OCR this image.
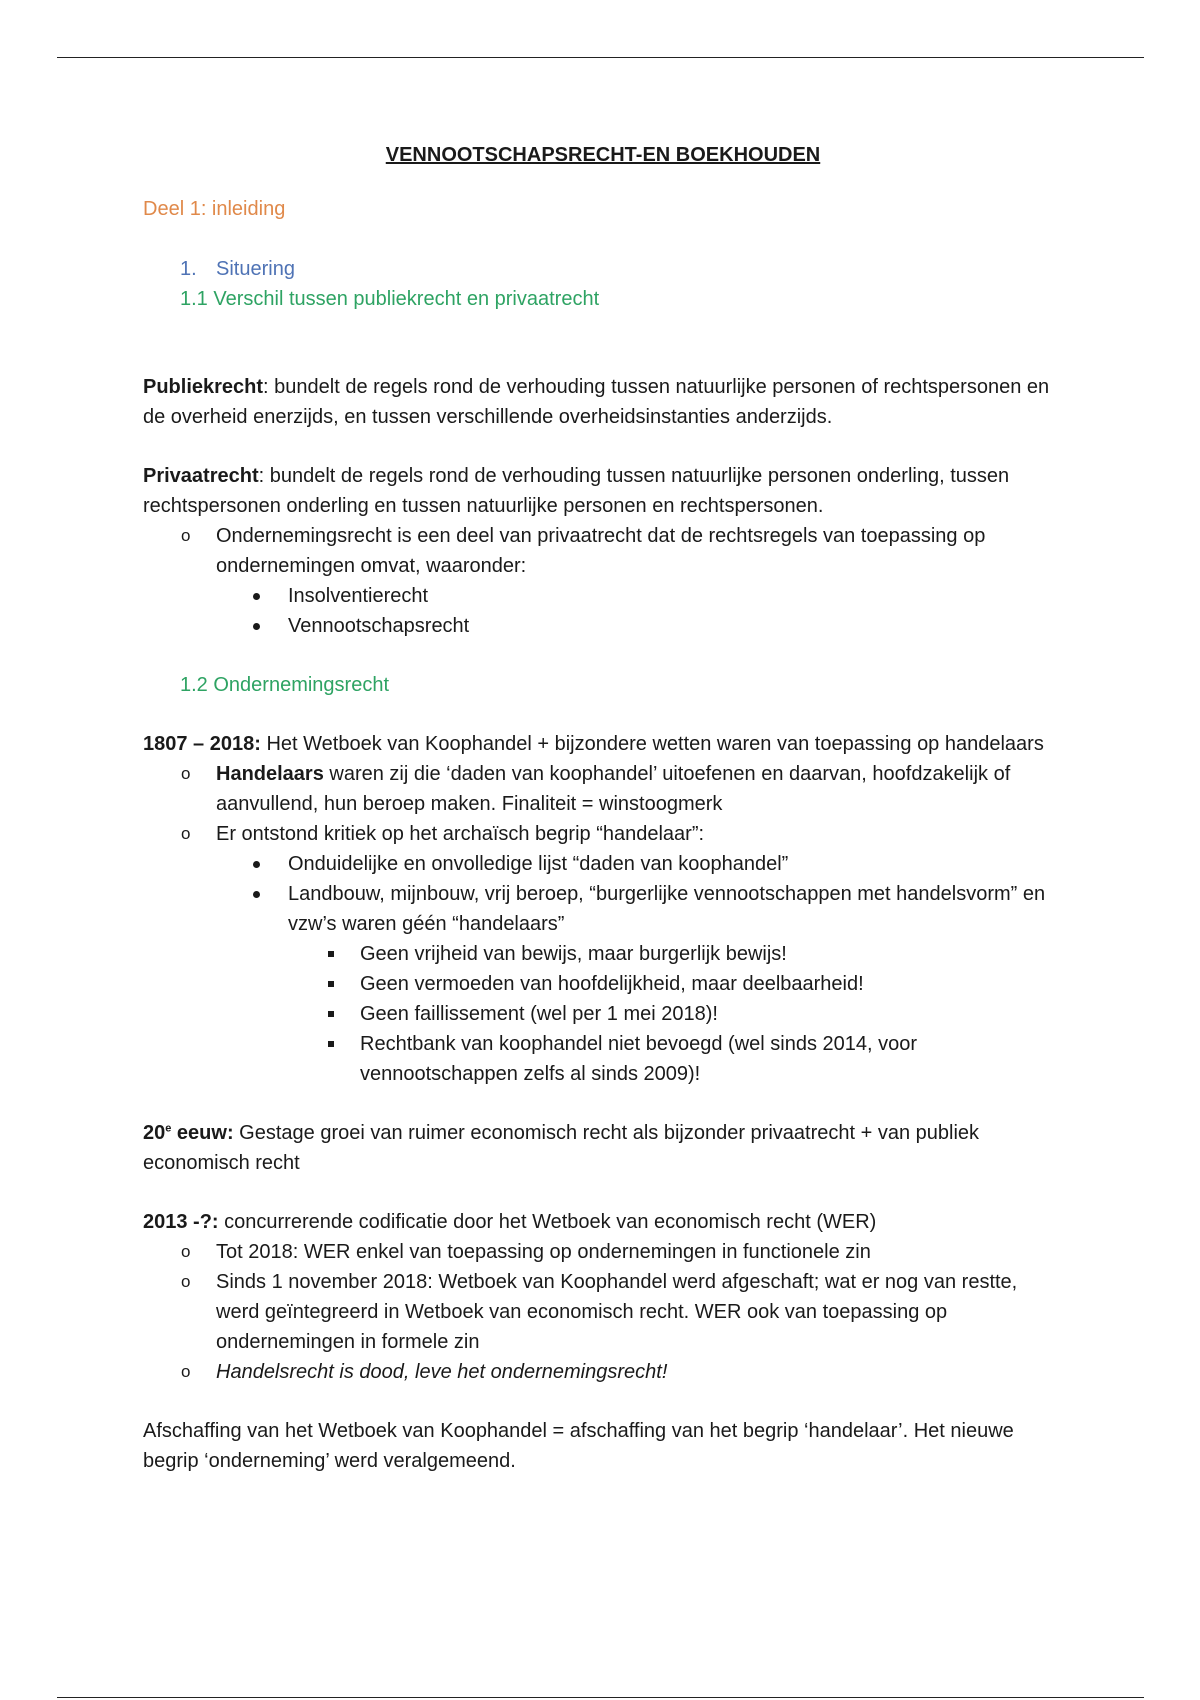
VENNOOTSCHAPSRECHT-EN BOEKHOUDEN

Deel 1: inleiding

1. Situering

1.1 Verschil tussen publiekrecht en privaatrecht

Publiekrecht: bundelt de regels rond de verhouding tussen natuurlijke personen of rechtspersonen en de overheid enerzijds, en tussen verschillende overheidsinstanties anderzijds.

Privaatrecht: bundelt de regels rond de verhouding tussen natuurlijke personen onderling, tussen rechtspersonen onderling en tussen natuurlijke personen en rechtspersonen.

o Ondernemingsrecht is een deel van privaatrecht dat de rechtsregels van toepassing op ondernemingen omvat, waaronder:
Insolventierecht
Vennootschapsrecht

1.2 Ondernemingsrecht

1807 – 2018: Het Wetboek van Koophandel + bijzondere wetten waren van toepassing op handelaars

o Handelaars waren zij die ‘daden van koophandel’ uitoefenen en daarvan, hoofdzakelijk of aanvullend, hun beroep maken. Finaliteit = winstoogmerk
o Er ontstond kritiek op het archaïsch begrip “handelaar”:
Onduidelijke en onvolledige lijst “daden van koophandel”
Landbouw, mijnbouw, vrij beroep, “burgerlijke vennootschappen met handelsvorm” en vzw’s waren géén “handelaars”
Geen vrijheid van bewijs, maar burgerlijk bewijs!
Geen vermoeden van hoofdelijkheid, maar deelbaarheid!
Geen faillissement (wel per 1 mei 2018)!
Rechtbank van koophandel niet bevoegd (wel sinds 2014, voor vennootschappen zelfs al sinds 2009)!

20e eeuw: Gestage groei van ruimer economisch recht als bijzonder privaatrecht + van publiek economisch recht

2013 -?: concurrerende codificatie door het Wetboek van economisch recht (WER)

o Tot 2018: WER enkel van toepassing op ondernemingen in functionele zin
o Sinds 1 november 2018: Wetboek van Koophandel werd afgeschaft; wat er nog van restte, werd geïntegreerd in Wetboek van economisch recht. WER ook van toepassing op ondernemingen in formele zin
o Handelsrecht is dood, leve het ondernemingsrecht!

Afschaffing van het Wetboek van Koophandel = afschaffing van het begrip ‘handelaar’. Het nieuwe begrip ‘onderneming’ werd veralgemeend.
